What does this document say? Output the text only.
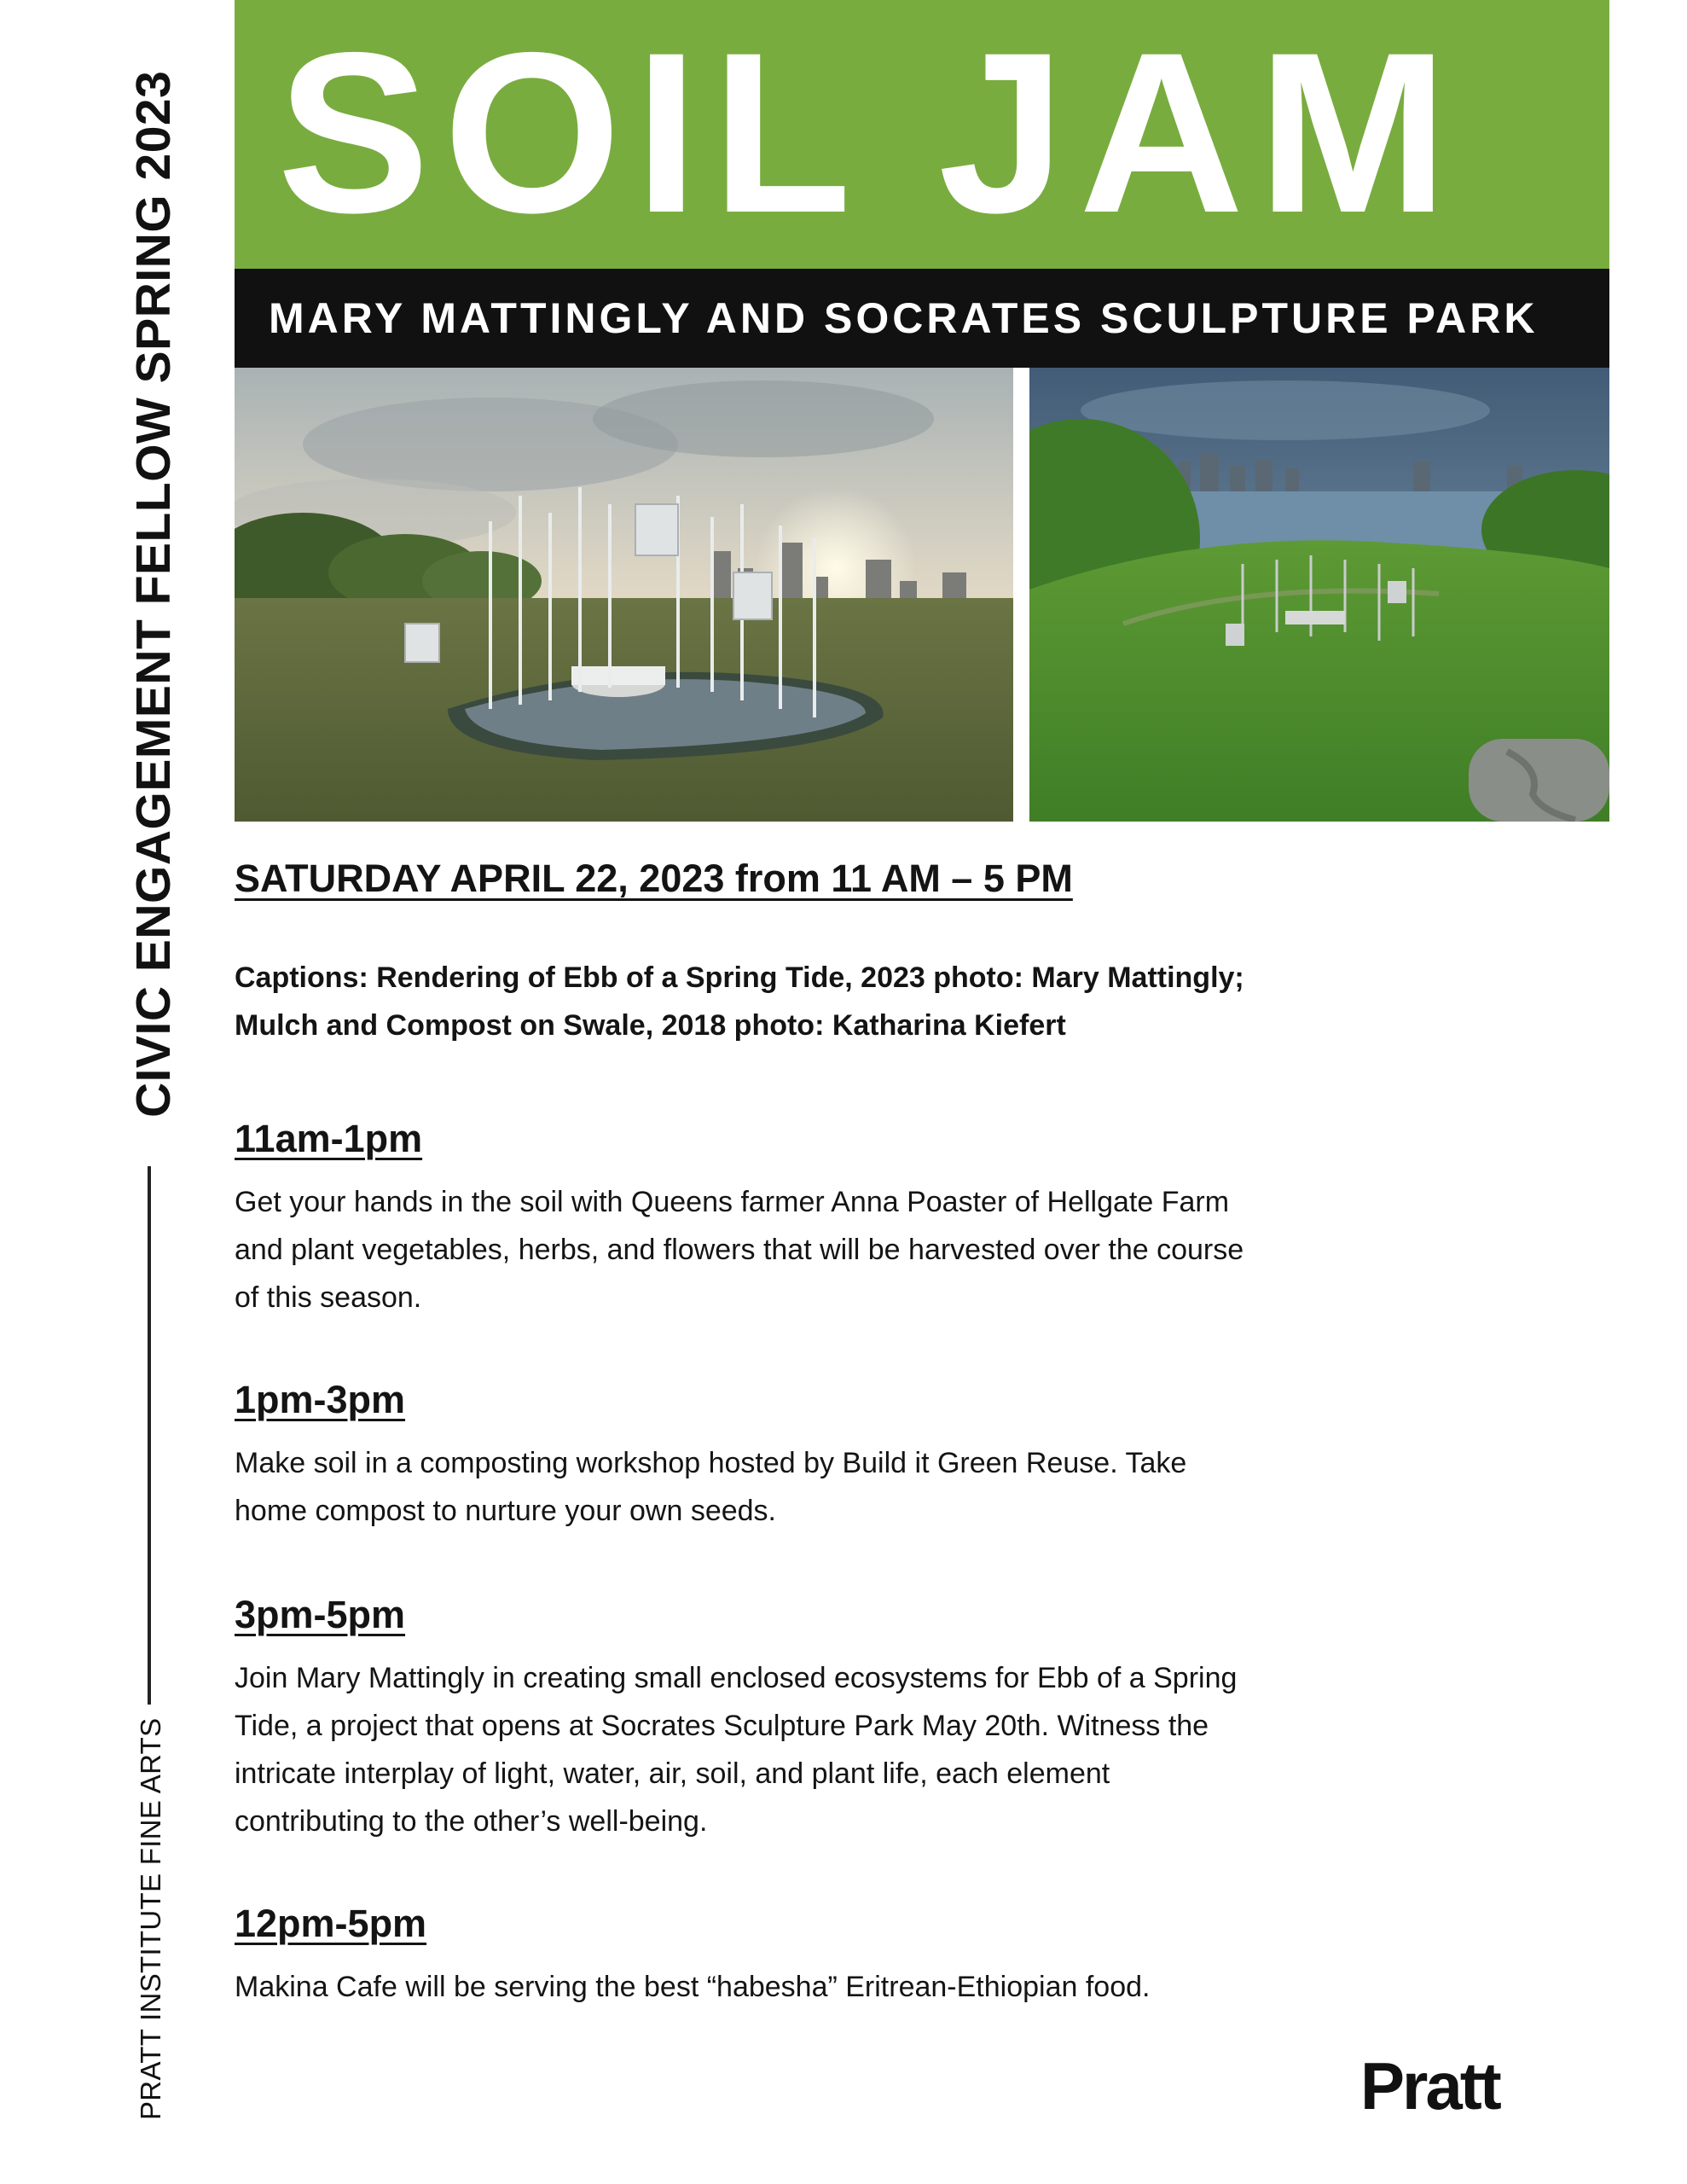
CIVIC ENGAGEMENT FELLOW SPRING 2023
PRATT INSTITUTE FINE ARTS
SOIL JAM
MARY MATTINGLY AND SOCRATES SCULPTURE PARK
SATURDAY APRIL 22, 2023 from 11 AM – 5 PM
Captions: Rendering of Ebb of a Spring Tide, 2023 photo: Mary Mattingly;
Mulch and Compost on Swale, 2018 photo: Katharina Kiefert
11am-1pm
Get your hands in the soil with Queens farmer Anna Poaster of Hellgate Farm
and plant vegetables, herbs, and flowers that will be harvested over the course
of this season.
1pm-3pm
Make soil in a composting workshop hosted by Build it Green Reuse. Take
home compost to nurture your own seeds.
3pm-5pm
Join Mary Mattingly in creating small enclosed ecosystems for Ebb of a Spring
Tide, a project that opens at Socrates Sculpture Park May 20th. Witness the
intricate interplay of light, water, air, soil, and plant life, each element
contributing to the other’s well-being.
12pm-5pm
Makina Cafe will be serving the best “habesha” Eritrean-Ethiopian food.
Pratt
